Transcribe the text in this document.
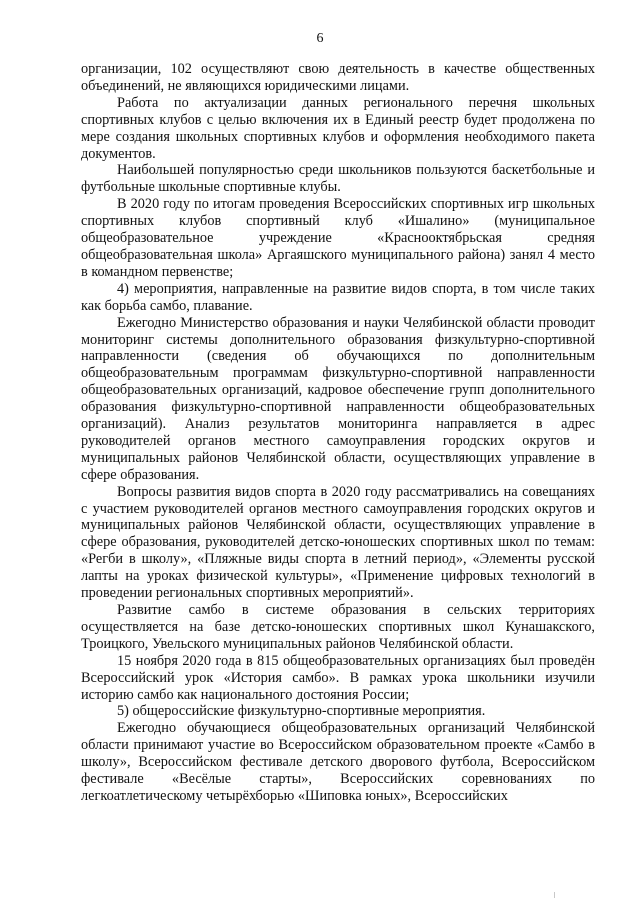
6

организации, 102 осуществляют свою деятельность в качестве общественных объединений, не являющихся юридическими лицами.

Работа по актуализации данных регионального перечня школьных спортивных клубов с целью включения их в Единый реестр будет продолжена по мере создания школьных спортивных клубов и оформления необходимого пакета документов.

Наибольшей популярностью среди школьников пользуются баскетбольные и футбольные школьные спортивные клубы.

В 2020 году по итогам проведения Всероссийских спортивных игр школьных спортивных клубов спортивный клуб «Ишалино» (муниципальное общеобразовательное учреждение «Краснооктябрьская средняя общеобразовательная школа» Аргаяшского муниципального района) занял 4 место в командном первенстве;

4) мероприятия, направленные на развитие видов спорта, в том числе таких как борьба самбо, плавание.

Ежегодно Министерство образования и науки Челябинской области проводит мониторинг системы дополнительного образования физкультурно-спортивной направленности (сведения об обучающихся по дополнительным общеобразовательным программам физкультурно-спортивной направленности общеобразовательных организаций, кадровое обеспечение групп дополнительного образования физкультурно-спортивной направленности общеобразовательных организаций). Анализ результатов мониторинга направляется в адрес руководителей органов местного самоуправления городских округов и муниципальных районов Челябинской области, осуществляющих управление в сфере образования.

Вопросы развития видов спорта в 2020 году рассматривались на совещаниях с участием руководителей органов местного самоуправления городских округов и муниципальных районов Челябинской области, осуществляющих управление в сфере образования, руководителей детско-юношеских спортивных школ по темам: «Регби в школу», «Пляжные виды спорта в летний период», «Элементы русской лапты на уроках физической культуры», «Применение цифровых технологий в проведении региональных спортивных мероприятий».

Развитие самбо в системе образования в сельских территориях осуществляется на базе детско-юношеских спортивных школ Кунашакского, Троицкого, Увельского муниципальных районов Челябинской области.

15 ноября 2020 года в 815 общеобразовательных организациях был проведён Всероссийский урок «История самбо». В рамках урока школьники изучили историю самбо как национального достояния России;

5) общероссийские физкультурно-спортивные мероприятия.

Ежегодно обучающиеся общеобразовательных организаций Челябинской области принимают участие во Всероссийском образовательном проекте «Самбо в школу», Всероссийском фестивале детского дворового футбола, Всероссийском фестивале «Весёлые старты», Всероссийских соревнованиях по легкоатлетическому четырёхборью «Шиповка юных», Всероссийских
